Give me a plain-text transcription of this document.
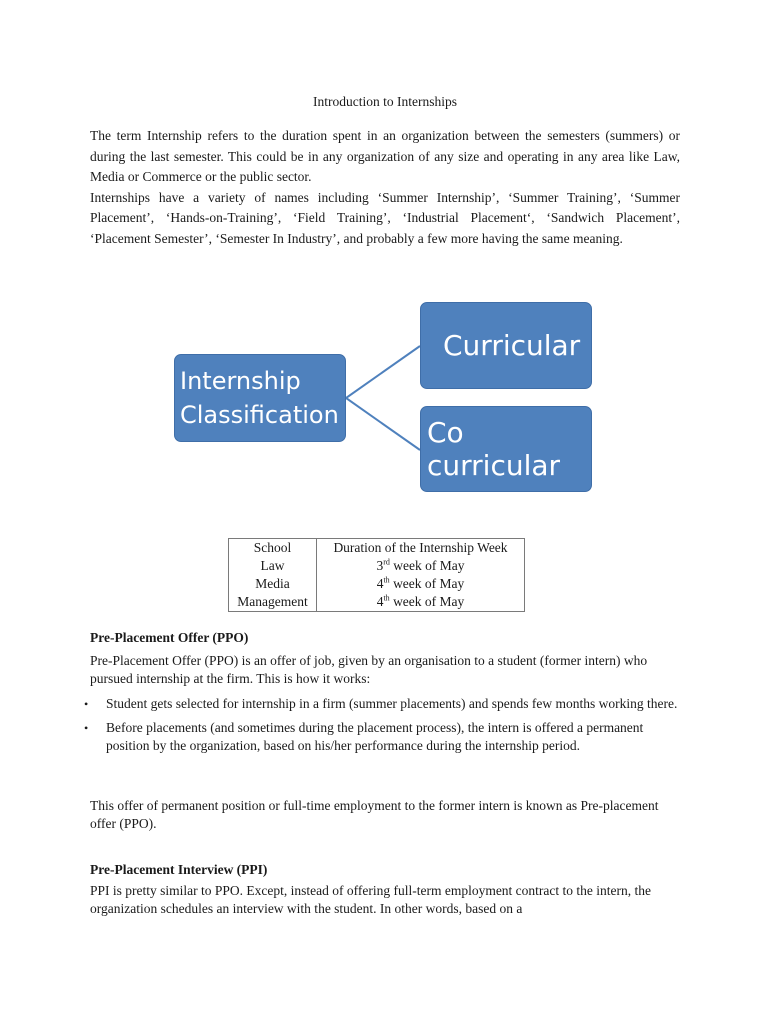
Introduction to Internships
The term Internship refers to the duration spent in an organization between the semesters (summers) or during the last semester. This could be in any organization of any size and operating in any area like Law, Media or Commerce or the public sector.
Internships have a variety of names including ‘Summer Internship’, ‘Summer Training’, ‘Summer Placement’, ‘Hands-on-Training’, ‘Field Training’, ‘Industrial Placement‘, ‘Sandwich Placement’, ‘Placement Semester’, ‘Semester In Industry’, and probably a few more having the same meaning.
Internship
Classification
Curricular
Co curricular
School	Duration of the Internship Week
Law	3rd week of May
Media	4th week of May
Management	4th week of May
Pre-Placement Offer (PPO)

Pre-Placement Offer (PPO) is an offer of job, given by an organisation to a student (former intern) who pursued internship at the firm. This is how it works:

• Student gets selected for internship in a firm (summer placements) and spends few months working there.
• Before placements (and sometimes during the placement process), the intern is offered a permanent position by the organization, based on his/her performance during the internship period.

This offer of permanent position or full-time employment to the former intern is known as Pre-placement offer (PPO).

Pre-Placement Interview (PPI)

PPI is pretty similar to PPO. Except, instead of offering full-term employment contract to the intern, the organization schedules an interview with the student. In other words, based on a
